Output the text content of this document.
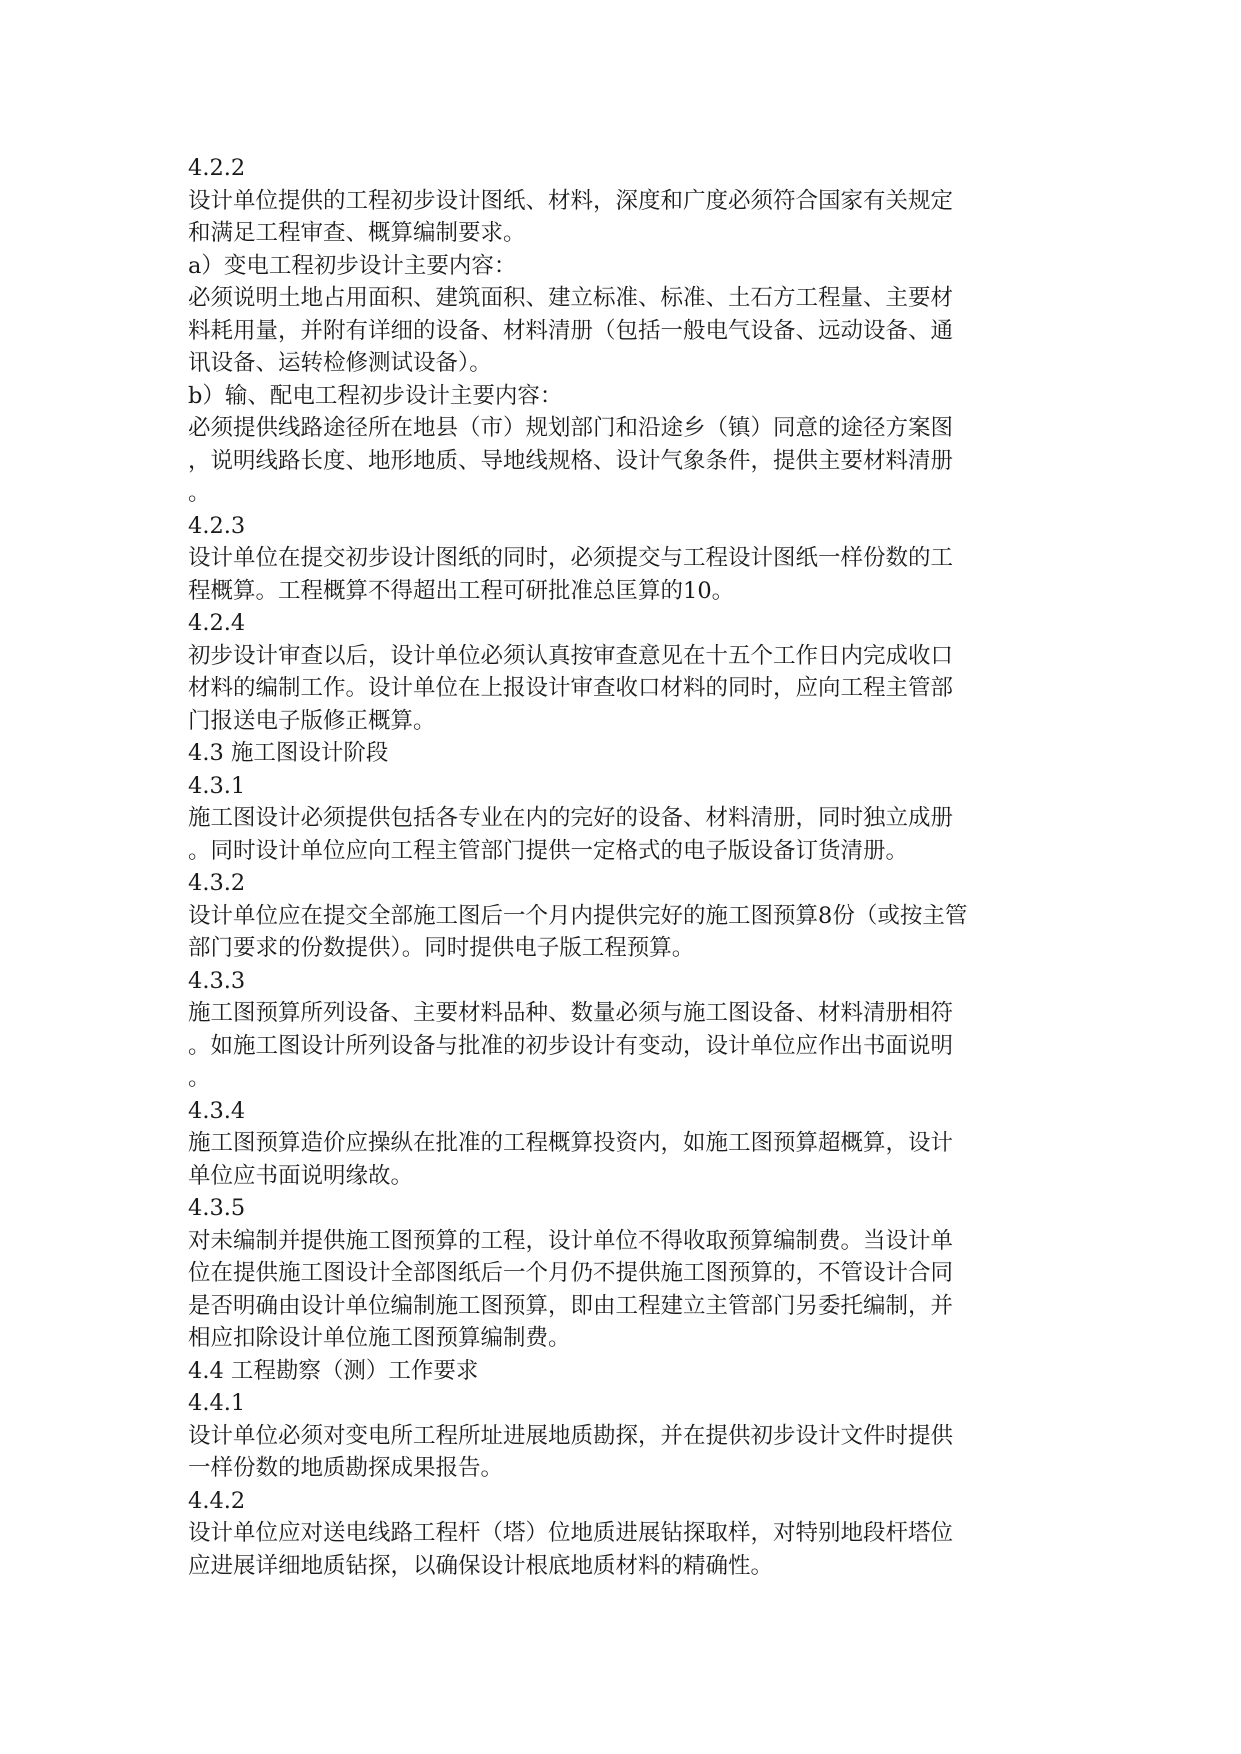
4.2.2
设计单位提供的工程初步设计图纸、材料，深度和广度必须符合国家有关规定
和满足工程审查、概算编制要求。
a）变电工程初步设计主要内容：
必须说明土地占用面积、建筑面积、建立标准、标准、土石方工程量、主要材
料耗用量，并附有详细的设备、材料清册（包括一般电气设备、远动设备、通
讯设备、运转检修测试设备）。
b）输、配电工程初步设计主要内容：
必须提供线路途径所在地县（市）规划部门和沿途乡（镇）同意的途径方案图
，说明线路长度、地形地质、导地线规格、设计气象条件，提供主要材料清册
。
4.2.3
设计单位在提交初步设计图纸的同时，必须提交与工程设计图纸一样份数的工
程概算。工程概算不得超出工程可研批准总匡算的10。
4.2.4
初步设计审查以后，设计单位必须认真按审查意见在十五个工作日内完成收口
材料的编制工作。设计单位在上报设计审查收口材料的同时，应向工程主管部
门报送电子版修正概算。
4.3 施工图设计阶段
4.3.1
施工图设计必须提供包括各专业在内的完好的设备、材料清册，同时独立成册
。同时设计单位应向工程主管部门提供一定格式的电子版设备订货清册。
4.3.2
设计单位应在提交全部施工图后一个月内提供完好的施工图预算8份（或按主管
部门要求的份数提供）。同时提供电子版工程预算。
4.3.3
施工图预算所列设备、主要材料品种、数量必须与施工图设备、材料清册相符
。如施工图设计所列设备与批准的初步设计有变动，设计单位应作出书面说明
。
4.3.4
施工图预算造价应操纵在批准的工程概算投资内，如施工图预算超概算，设计
单位应书面说明缘故。
4.3.5
对未编制并提供施工图预算的工程，设计单位不得收取预算编制费。当设计单
位在提供施工图设计全部图纸后一个月仍不提供施工图预算的，不管设计合同
是否明确由设计单位编制施工图预算，即由工程建立主管部门另委托编制，并
相应扣除设计单位施工图预算编制费。
4.4 工程勘察（测）工作要求
4.4.1
设计单位必须对变电所工程所址进展地质勘探，并在提供初步设计文件时提供
一样份数的地质勘探成果报告。
4.4.2
设计单位应对送电线路工程杆（塔）位地质进展钻探取样，对特别地段杆塔位
应进展详细地质钻探，以确保设计根底地质材料的精确性。
